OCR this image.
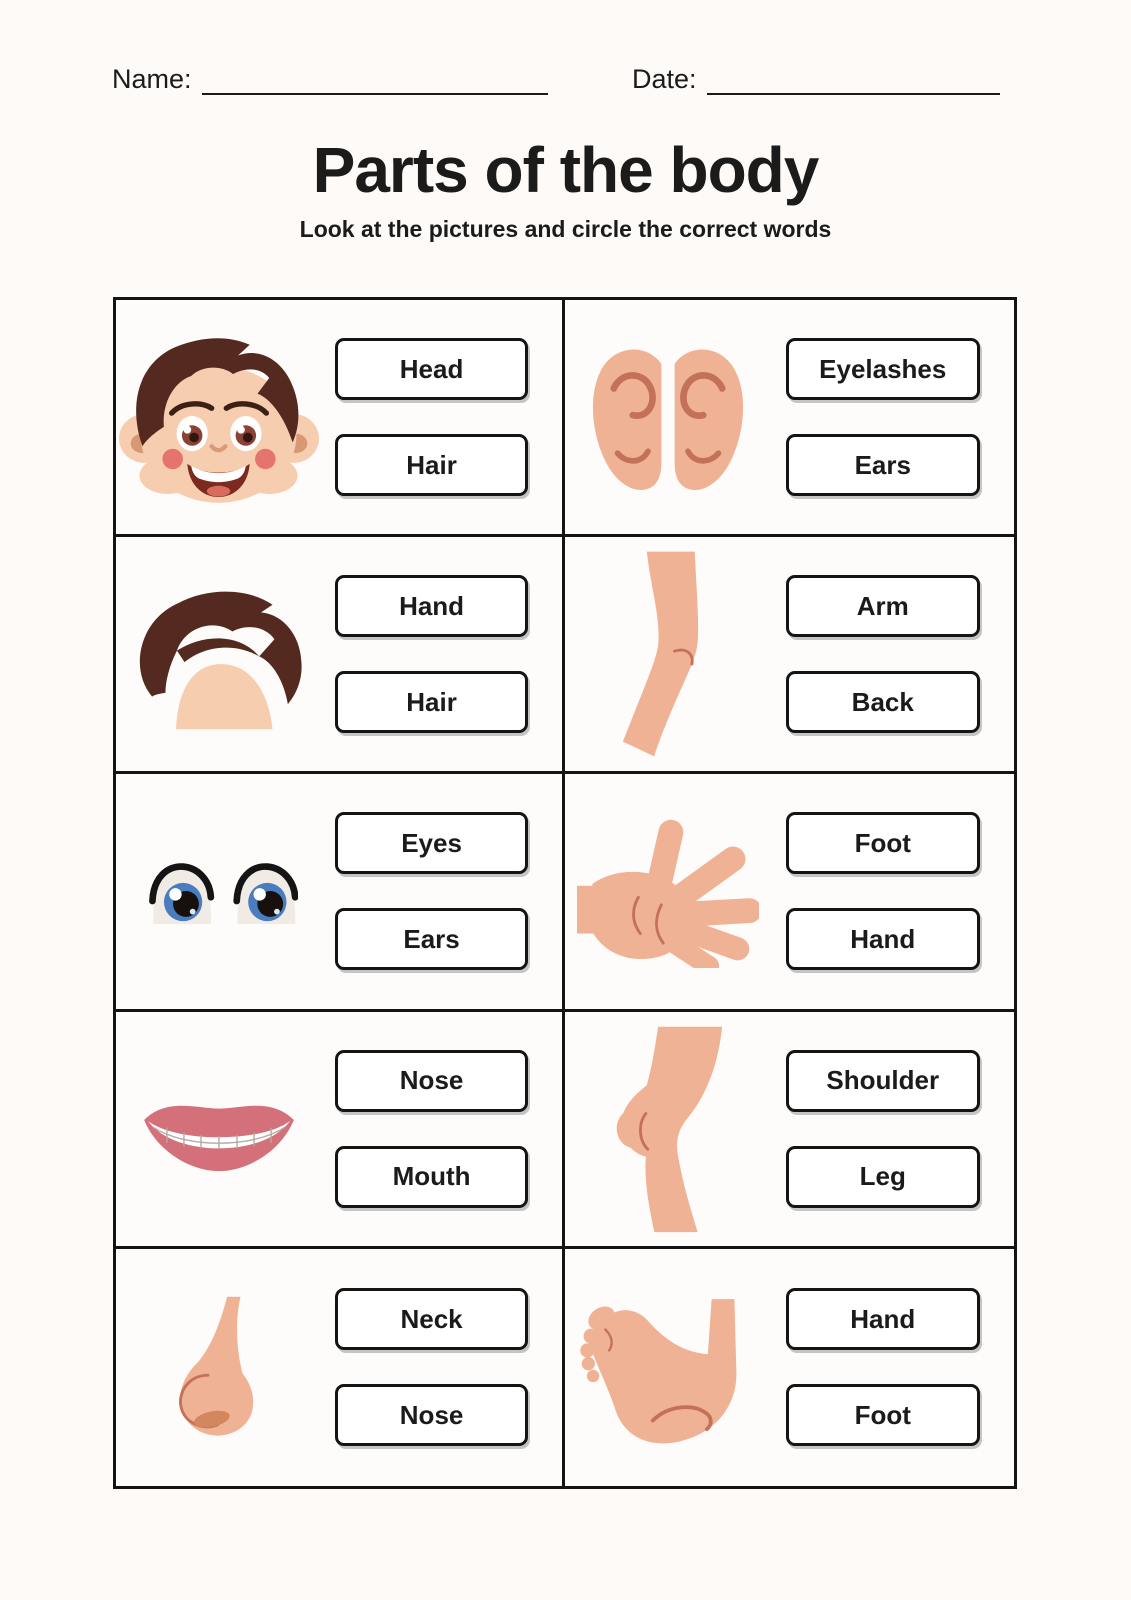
Name:	Date:
Parts of the body

Look at the pictures and circle the correct words

Head
Hair
Eyelashes
Ears
Hand
Hair
Arm
Back
Eyes
Ears
Foot
Hand
Nose
Mouth
Shoulder
Leg
Neck
Nose
Hand
Foot
